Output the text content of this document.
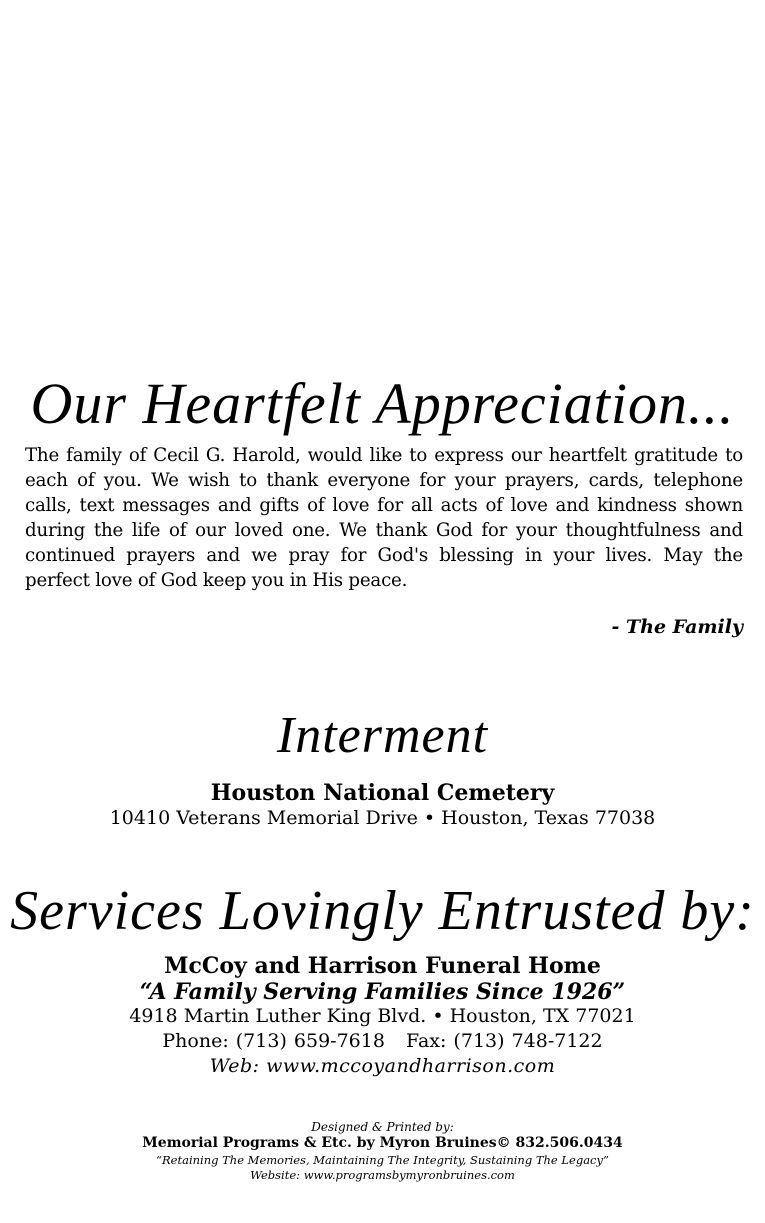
Our Heartfelt Appreciation...

The family of Cecil G. Harold, would like to express our heartfelt gratitude to each of you. We wish to thank everyone for your prayers, cards, telephone calls, text messages and gifts of love for all acts of love and kindness shown during the life of our loved one. We thank God for your thoughtfulness and continued prayers and we pray for God's blessing in your lives. May the perfect love of God keep you in His peace.

- The Family
Interment
Houston National Cemetery
10410 Veterans Memorial Drive • Houston, Texas 77038
Services Lovingly Entrusted by:
McCoy and Harrison Funeral Home
“A Family Serving Families Since 1926”
4918 Martin Luther King Blvd. • Houston, TX 77021
Phone: (713) 659-7618   Fax: (713) 748-7122
Web: www.mccoyandharrison.com
Designed & Printed by:
Memorial Programs & Etc. by Myron Bruines© 832.506.0434
“Retaining The Memories, Maintaining The Integrity, Sustaining The Legacy”
Website: www.programsbymyronbruines.com
